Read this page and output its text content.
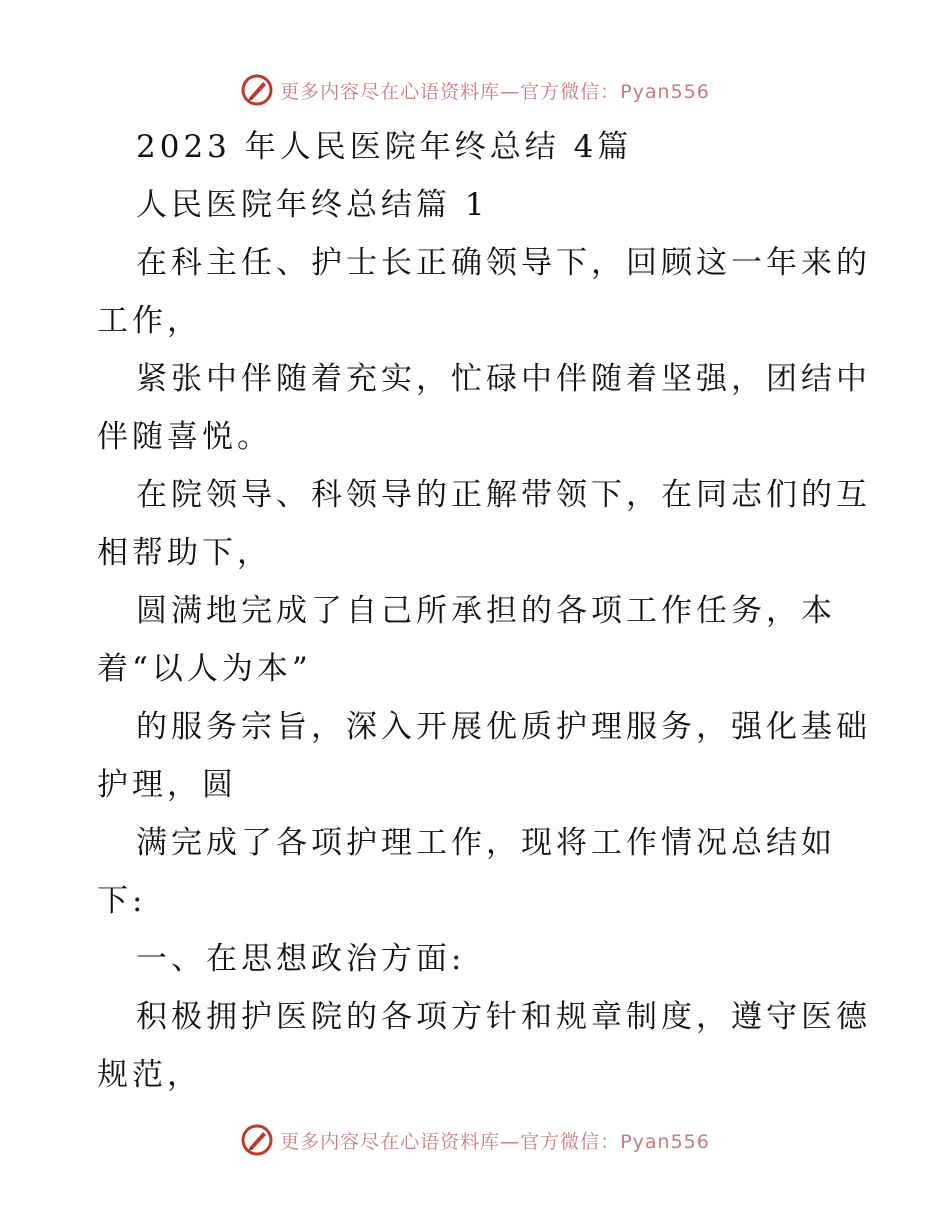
更多内容尽在心语资料库—官方微信：Pyan556
2023 年人民医院年终总结 4篇
人民医院年终总结篇 1
在科主任、护士长正确领导下，回顾这一年来的
工作，
紧张中伴随着充实，忙碌中伴随着坚强，团结中
伴随喜悦。
在院领导、科领导的正解带领下，在同志们的互
相帮助下，
圆满地完成了自己所承担的各项工作任务，本
着“以人为本”
的服务宗旨，深入开展优质护理服务，强化基础
护理，圆
满完成了各项护理工作，现将工作情况总结如
下:
一、在思想政治方面:
积极拥护医院的各项方针和规章制度，遵守医德
规范，
更多内容尽在心语资料库—官方微信：Pyan556
